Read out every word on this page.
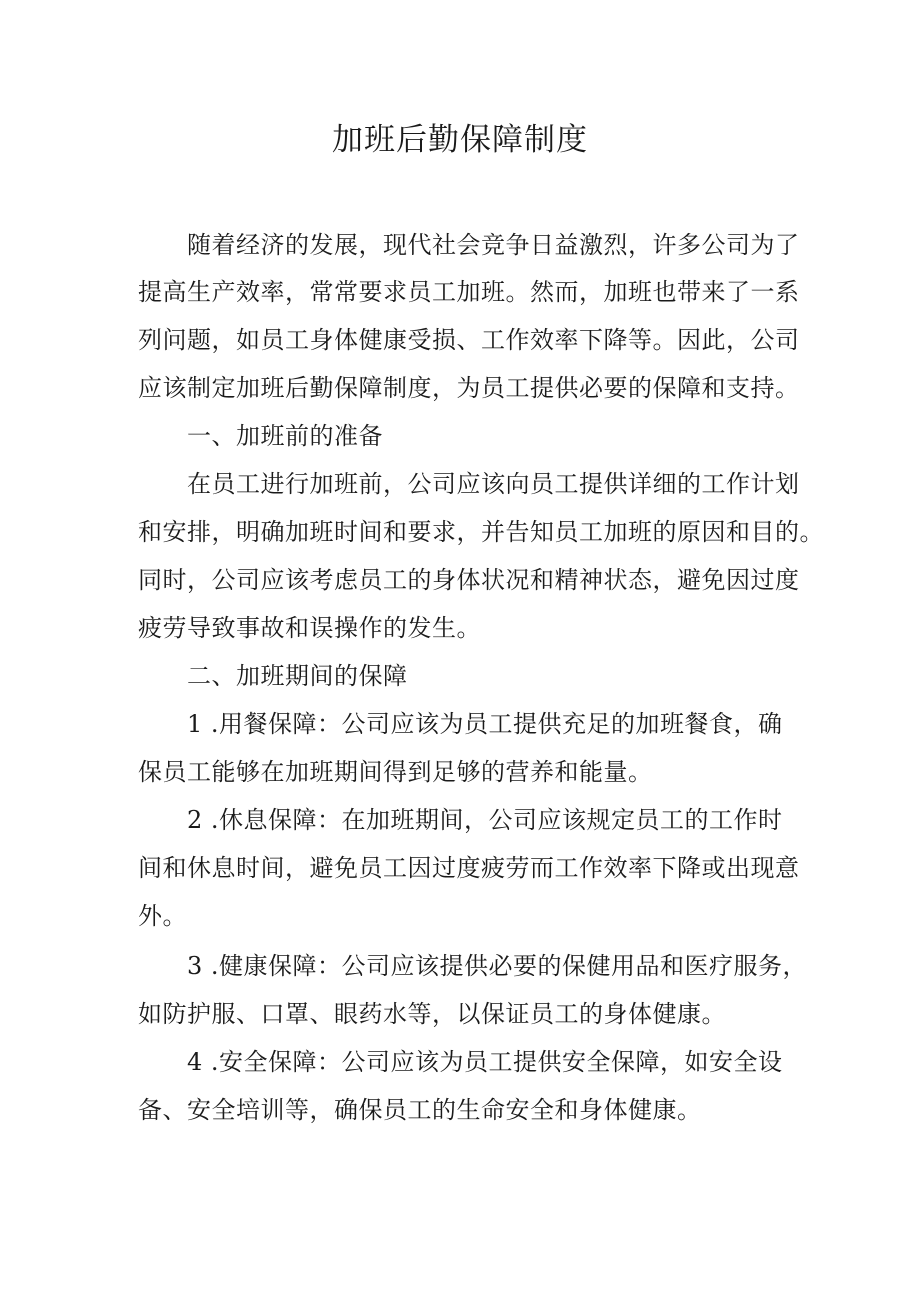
加班后勤保障制度
随着经济的发展，现代社会竞争日益激烈，许多公司为了
提高生产效率，常常要求员工加班。然而，加班也带来了一系
列问题，如员工身体健康受损、工作效率下降等。因此，公司
应该制定加班后勤保障制度，为员工提供必要的保障和支持。
一、加班前的准备
在员工进行加班前，公司应该向员工提供详细的工作计划
和安排，明确加班时间和要求，并告知员工加班的原因和目的。
同时，公司应该考虑员工的身体状况和精神状态，避免因过度
疲劳导致事故和误操作的发生。
二、加班期间的保障
1 .用餐保障：公司应该为员工提供充足的加班餐食，确
保员工能够在加班期间得到足够的营养和能量。
2 .休息保障：在加班期间，公司应该规定员工的工作时
间和休息时间，避免员工因过度疲劳而工作效率下降或出现意
外。
3 .健康保障：公司应该提供必要的保健用品和医疗服务，
如防护服、口罩、眼药水等，以保证员工的身体健康。
4 .安全保障：公司应该为员工提供安全保障，如安全设
备、安全培训等，确保员工的生命安全和身体健康。
